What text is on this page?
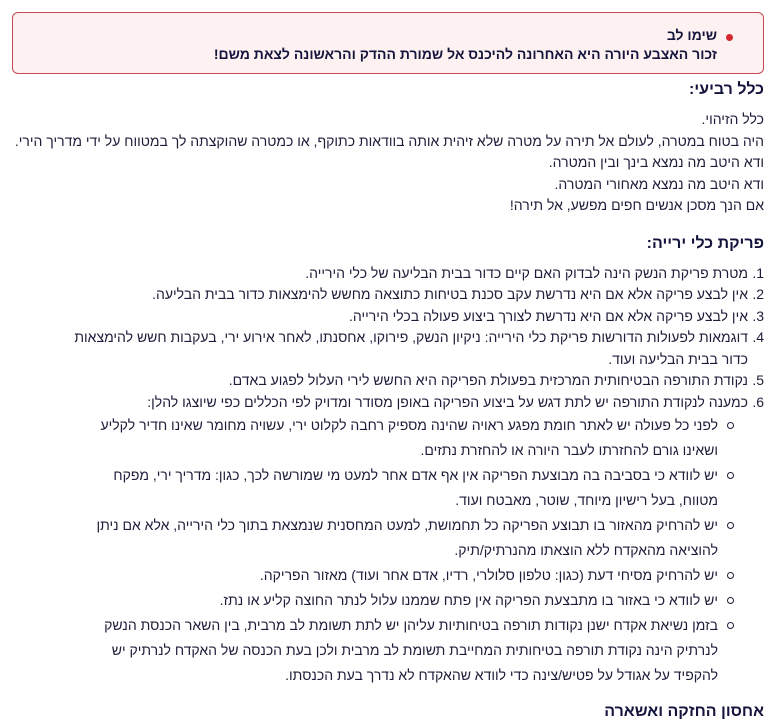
שימו לב
זכור האצבע היורה היא האחרונה להיכנס אל שמורת ההדק והראשונה לצאת משם!
כלל רביעי:

כלל הזיהוי.

היה בטוח במטרה, לעולם אל תירה על מטרה שלא זיהית אותה בוודאות כתוקף, או כמטרה שהוקצתה לך במטווח על ידי מדריך הירי.

ודא היטב מה נמצא בינך ובין המטרה.

ודא היטב מה נמצא מאחורי המטרה.

אם הנך מסכן אנשים חפים מפשע, אל תירה!

פריקת כלי ירייה:
1.
מטרת פריקת הנשק הינה לבדוק האם קיים כדור בבית הבליעה של כלי הירייה.
2.
אין לבצע פריקה אלא אם היא נדרשת עקב סכנת בטיחות כתוצאה מחשש להימצאות כדור בבית הבליעה.
3.
אין לבצע פריקה אלא אם היא נדרשת לצורך ביצוע פעולה בכלי הירייה.
4.
דוגמאות לפעולות הדורשות פריקת כלי הירייה: ניקיון הנשק, פירוקו, אחסנתו, לאחר אירוע ירי, בעקבות חשש להימצאות
כדור בבית הבליעה ועוד.
5.
נקודת התורפה הבטיחותית המרכזית בפעולת הפריקה היא החשש לירי העלול לפגוע באדם.
6.
כמענה לנקודת התורפה יש לתת דגש על ביצוע הפריקה באופן מסודר ומדויק לפי הכללים כפי שיוצגו להלן:
לפני כל פעולה יש לאתר חומת מפגע ראויה שהינה מספיק רחבה לקלוט ירי, עשויה מחומר שאינו חדיר לקליע
ושאינו גורם להחזרתו לעבר היורה או להחזרת נתזים.
יש לוודא כי בסביבה בה מבוצעת הפריקה אין אף אדם אחר למעט מי שמורשה לכך, כגון: מדריך ירי, מפקח
מטווח, בעל רישיון מיוחד, שוטר, מאבטח ועוד.
יש להרחיק מהאזור בו תבוצע הפריקה כל תחמושת, למעט המחסנית שנמצאת בתוך כלי הירייה, אלא אם ניתן
להוציאה מהאקדח ללא הוצאתו מהנרתיק/תיק.
יש להרחיק מסיחי דעת (כגון: טלפון סלולרי, רדיו, אדם אחר ועוד) מאזור הפריקה.
יש לוודא כי באזור בו מתבצעת הפריקה אין פתח שממנו עלול לנתר החוצה קליע או נתז.
בזמן נשיאת אקדח ישנן נקודות תורפה בטיחותיות עליהן יש לתת תשומת לב מרבית, בין השאר הכנסת הנשק
לנרתיק הינה נקודת תורפה בטיחותית המחייבת תשומת לב מרבית ולכן בעת הכנסה של האקדח לנרתיק יש
להקפיד על אגודל על פטיש/צינה כדי לוודא שהאקדח לא נדרך בעת הכנסתו.
אחסון החזקה ואשארה
